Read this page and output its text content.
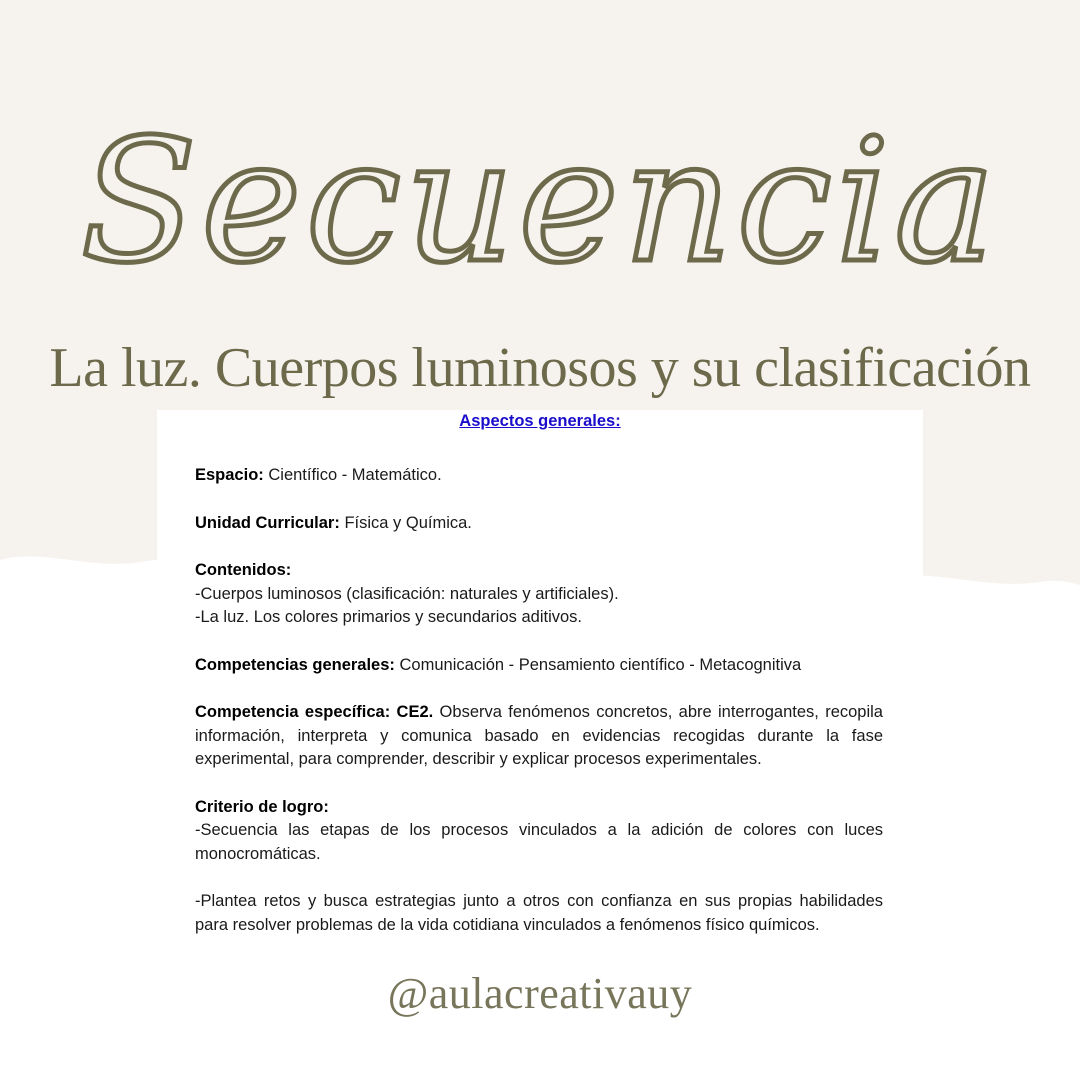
Secuencia
La luz. Cuerpos luminosos y su clasificación
Aspectos generales:

Espacio: Científico - Matemático.

Unidad Curricular: Física y Química.

Contenidos:
-Cuerpos luminosos (clasificación: naturales y artificiales).
-La luz. Los colores primarios y secundarios aditivos.

Competencias generales: Comunicación - Pensamiento científico - Metacognitiva

Competencia específica: CE2. Observa fenómenos concretos, abre interrogantes, recopila información, interpreta y comunica basado en evidencias recogidas durante la fase experimental, para comprender, describir y explicar procesos experimentales.

Criterio de logro:
-Secuencia las etapas de los procesos vinculados a la adición de colores con luces monocromáticas.

-Plantea retos y busca estrategias junto a otros con confianza en sus propias habilidades para resolver problemas de la vida cotidiana vinculados a fenómenos físico químicos.

@aulacreativauy
